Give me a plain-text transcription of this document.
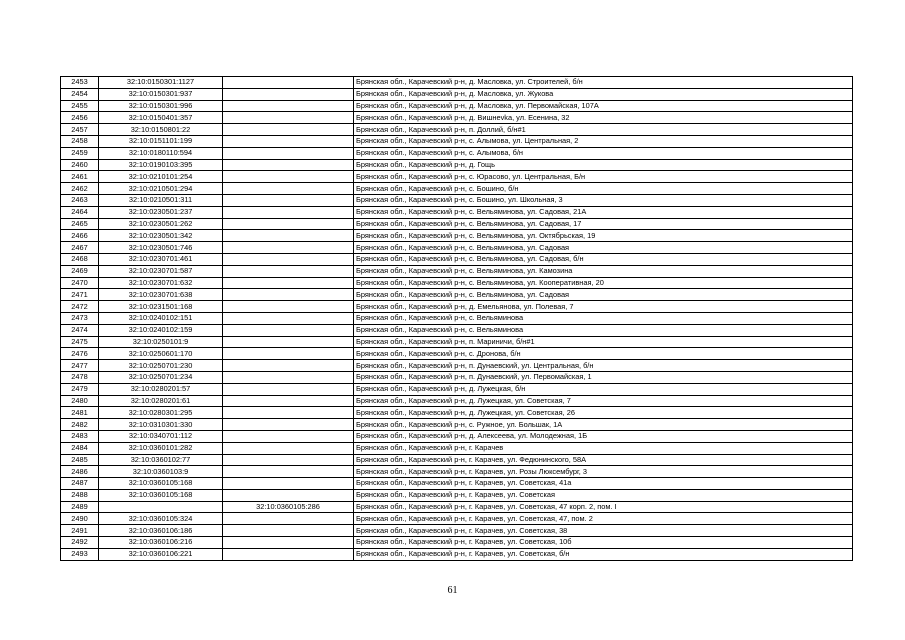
2453	32:10:0150301:1127		Брянская обл., Карачевский р-н, д. Масловка, ул. Строителей, б/н
2454	32:10:0150301:937		Брянская обл., Карачевский р-н, д. Масловка, ул. Жукова
2455	32:10:0150301:996		Брянская обл., Карачевский р-н, д. Масловка, ул. Первомайская, 107А
2456	32:10:0150401:357		Брянская обл., Карачевский р-н, д. Вишнevka, ул. Есенина, 32
2457	32:10:0150801:22		Брянская обл., Карачевский р-н, п. Доллий, б/н#1
2458	32:10:0151101:199		Брянская обл., Карачевский р-н, с. Алымова, ул. Центральная, 2
2459	32:10:0180110:594		Брянская обл., Карачевский р-н, с. Алымова, б/н
2460	32:10:0190103:395		Брянская обл., Карачевский р-н, д. Гощь
2461	32:10:0210101:254		Брянская обл., Карачевский р-н, с. Юрасово, ул. Центральная, Б/н
2462	32:10:0210501:294		Брянская обл., Карачевский р-н, с. Бошино, б/н
2463	32:10:0210501:311		Брянская обл., Карачевский р-н, с. Бошино, ул. Школьная, 3
2464	32:10:0230501:237		Брянская обл., Карачевский р-н, с. Вельяминова, ул. Садовая, 21А
2465	32:10:0230501:262		Брянская обл., Карачевский р-н, с. Вельяминова, ул. Садовая, 17
2466	32:10:0230501:342		Брянская обл., Карачевский р-н, с. Вельяминова, ул. Октябрьская, 19
2467	32:10:0230501:746		Брянская обл., Карачевский р-н, с. Вельяминова, ул. Садовая
2468	32:10:0230701:461		Брянская обл., Карачевский р-н, с. Вельяминова, ул. Садовая, б/н
2469	32:10:0230701:587		Брянская обл., Карачевский р-н, с. Вельяминова, ул. Камозина
2470	32:10:0230701:632		Брянская обл., Карачевский р-н, с. Вельяминова, ул. Кооперативная, 20
2471	32:10:0230701:638		Брянская обл., Карачевский р-н, с. Вельяминова, ул. Садовая
2472	32:10:0231501:168		Брянская обл., Карачевский р-н, д. Емельянова, ул. Полевая, 7
2473	32:10:0240102:151		Брянская обл., Карачевский р-н, с. Вельяминова
2474	32:10:0240102:159		Брянская обл., Карачевский р-н, с. Вельяминова
2475	32:10:0250101:9		Брянская обл., Карачевский р-н, п. Мариничи, б/н#1
2476	32:10:0250601:170		Брянская обл., Карачевский р-н, с. Дронова, б/н
2477	32:10:0250701:230		Брянская обл., Карачевский р-н, п. Дунаевский, ул. Центральная, б/н
2478	32:10:0250701:234		Брянская обл., Карачевский р-н, п. Дунаевский, ул. Первомайская, 1
2479	32:10:0280201:57		Брянская обл., Карачевский р-н, д. Лужецкая, б/н
2480	32:10:0280201:61		Брянская обл., Карачевский р-н, д. Лужецкая, ул. Советская, 7
2481	32:10:0280301:295		Брянская обл., Карачевский р-н, д. Лужецкая, ул. Советская, 26
2482	32:10:0310301:330		Брянская обл., Карачевский р-н, с. Ружное, ул. Большак, 1А
2483	32:10:0340701:112		Брянская обл., Карачевский р-н, д. Алексеева, ул. Молодежная, 1Б
2484	32:10:0360101:282		Брянская обл., Карачевский р-н, г. Карачев
2485	32:10:0360102:77		Брянская обл., Карачевский р-н, г. Карачев, ул. Федюнинского, 58А
2486	32:10:0360103:9		Брянская обл., Карачевский р-н, г. Карачев, ул. Розы Люксембург, 3
2487	32:10:0360105:168		Брянская обл., Карачевский р-н, г. Карачев, ул. Советская, 41а
2488	32:10:0360105:168		Брянская обл., Карачевский р-н, г. Карачев, ул. Советская
2489		32:10:0360105:286	Брянская обл., Карачевский р-н, г. Карачев, ул. Советская, 47 корп. 2, пом. I
2490	32:10:0360105:324		Брянская обл., Карачевский р-н, г. Карачев, ул. Советская, 47, пом. 2
2491	32:10:0360106:186		Брянская обл., Карачевский р-н, г. Карачев, ул. Советская, 38
2492	32:10:0360106:216		Брянская обл., Карачевский р-н, г. Карачев, ул. Советская, 10б
2493	32:10:0360106:221		Брянская обл., Карачевский р-н, г. Карачев, ул. Советская, б/н
61
